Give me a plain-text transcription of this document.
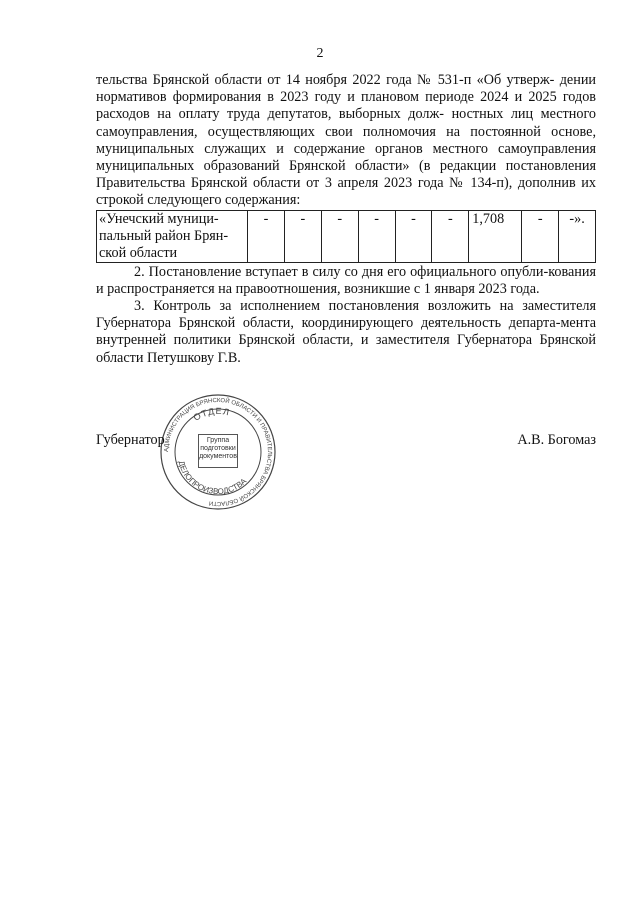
2

тельства Брянской области от 14 ноября 2022 года № 531-п «Об утверж- дении нормативов формирования в 2023 году и плановом периоде 2024 и 2025 годов расходов на оплату труда депутатов, выборных долж- ностных лиц местного самоуправления, осуществляющих свои полномочия на постоянной основе, муниципальных служащих и содержание органов местного самоуправления муниципальных образований Брянской области» (в редакции постановления Правительства Брянской области от 3 апреля 2023 года № 134-п), дополнив их строкой следующего содержания:

«Унечский муници-пальный район Брян-ской области	-	-	-	-	-	-	1,708	-	-».

2. Постановление вступает в силу со дня его официального опубли-кования и распространяется на правоотношения, возникшие с 1 января 2023 года.

3. Контроль за исполнением постановления возложить на заместителя Губернатора Брянской области, координирующего деятельность департа-мента внутренней политики Брянской области, и заместителя Губернатора Брянской области Петушкову Г.В.

АДМИНИСТРАЦИЯ БРЯНСКОЙ ОБЛАСТИ И ПРАВИТЕЛЬСТВА БРЯНСКОЙ ОБЛАСТИ
ОТДЕЛ
ДЕЛОПРОИЗВОДСТВА
Группа
подготовки
документов
Губернатор	А.В. Богомаз
